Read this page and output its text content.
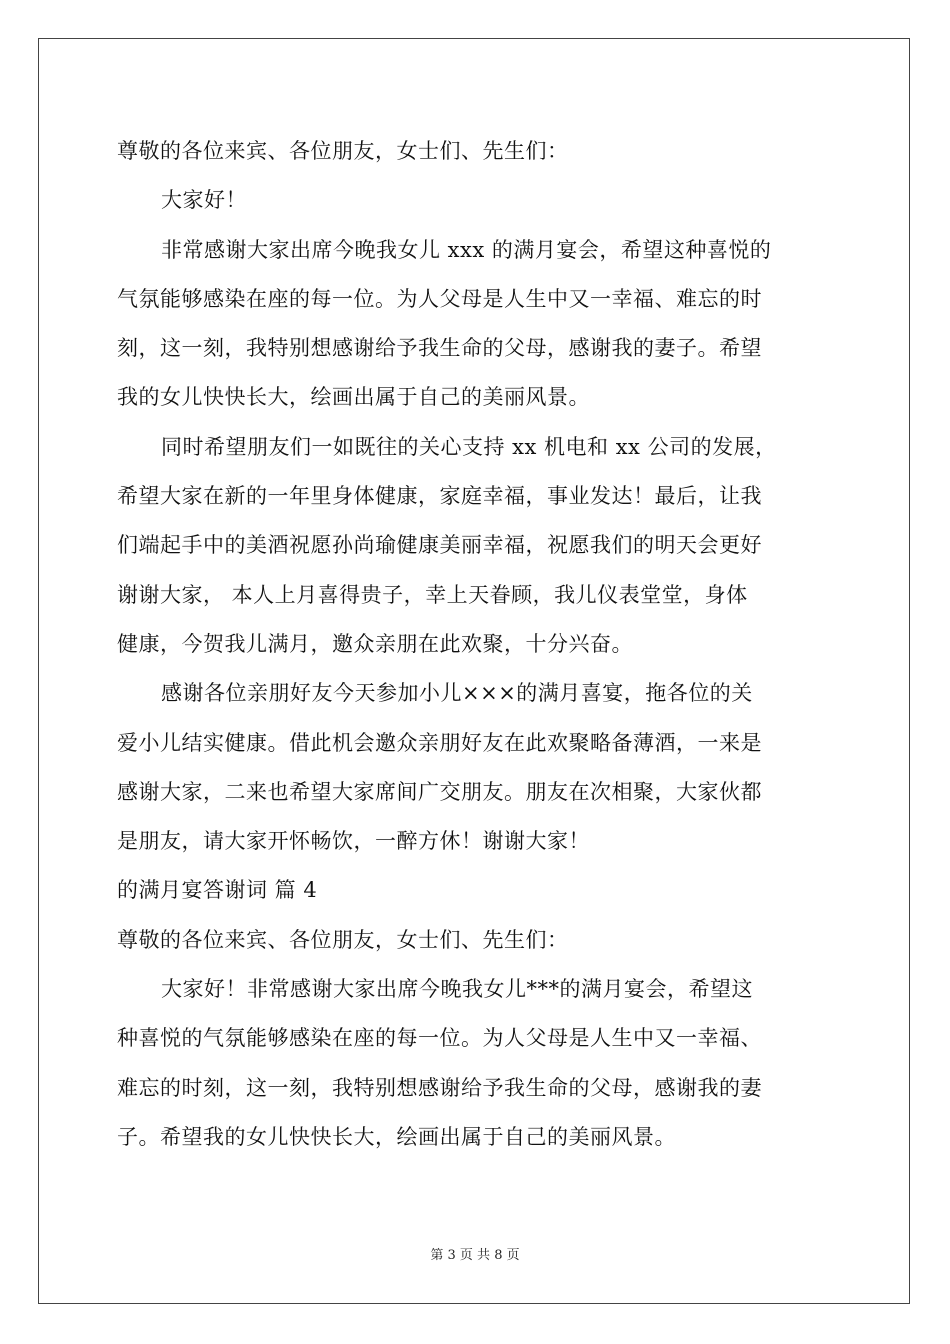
尊敬的各位来宾、各位朋友，女士们、先生们：
大家好！
非常感谢大家出席今晚我女儿 xxx 的满月宴会，希望这种喜悦的
气氛能够感染在座的每一位。为人父母是人生中又一幸福、难忘的时
刻，这一刻，我特别想感谢给予我生命的父母，感谢我的妻子。希望
我的女儿快快长大，绘画出属于自己的美丽风景。
同时希望朋友们一如既往的关心支持 xx 机电和 xx 公司的发展，
希望大家在新的一年里身体健康，家庭幸福，事业发达！最后，让我
们端起手中的美酒祝愿孙尚瑜健康美丽幸福，祝愿我们的明天会更好
谢谢大家， 本人上月喜得贵子，幸上天眷顾，我儿仪表堂堂，身体
健康，今贺我儿满月，邀众亲朋在此欢聚，十分兴奋。
感谢各位亲朋好友今天参加小儿×××的满月喜宴，拖各位的关
爱小儿结实健康。借此机会邀众亲朋好友在此欢聚略备薄酒，一来是
感谢大家，二来也希望大家席间广交朋友。朋友在次相聚，大家伙都
是朋友，请大家开怀畅饮，一醉方休！谢谢大家！
的满月宴答谢词 篇 4
尊敬的各位来宾、各位朋友，女士们、先生们：
大家好！非常感谢大家出席今晚我女儿***的满月宴会，希望这
种喜悦的气氛能够感染在座的每一位。为人父母是人生中又一幸福、
难忘的时刻，这一刻，我特别想感谢给予我生命的父母，感谢我的妻
子。希望我的女儿快快长大，绘画出属于自己的美丽风景。
第 3 页 共 8 页
